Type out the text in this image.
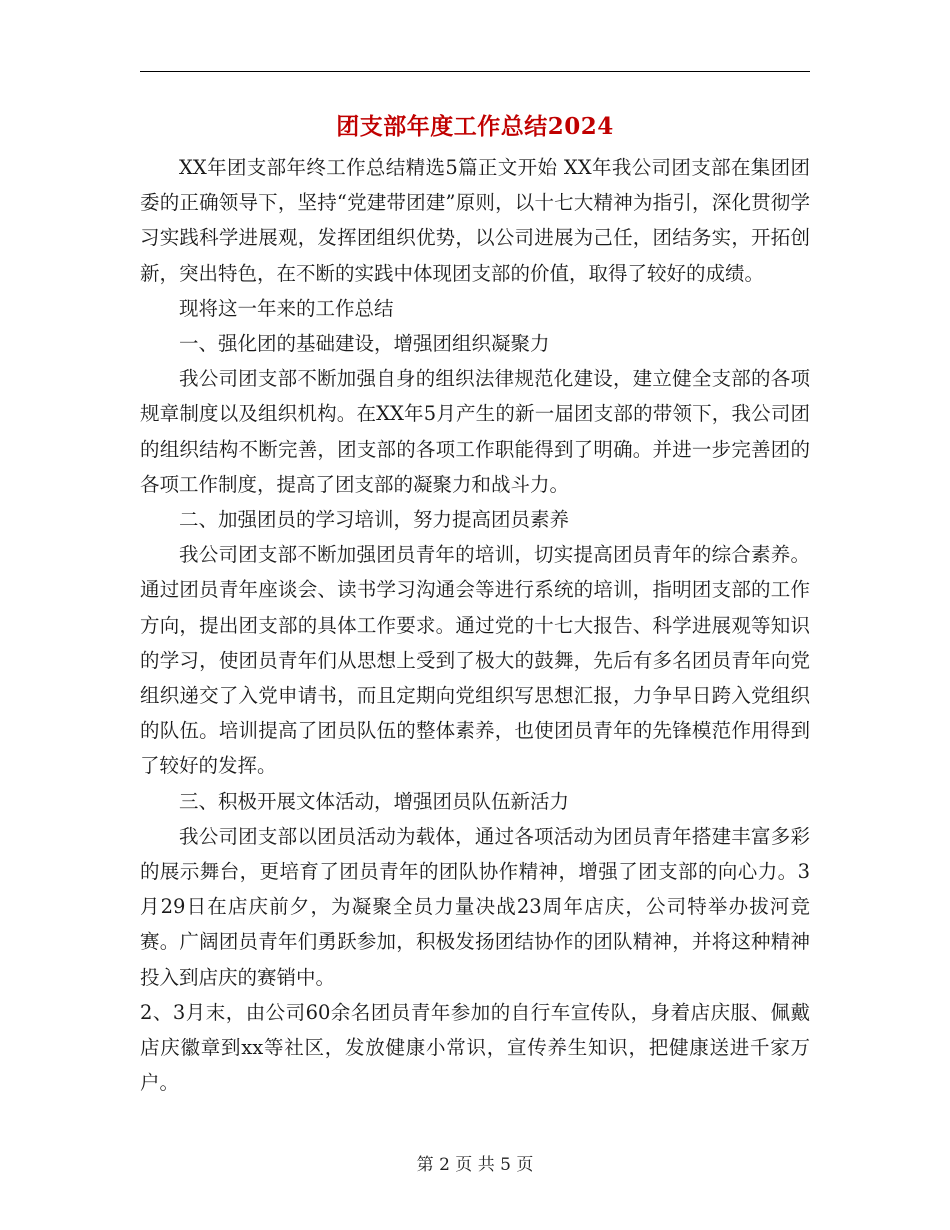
团支部年度工作总结2024

XX年团支部年终工作总结精选5篇正文开始 XX年我公司团支部在集团团委的正确领导下，坚持“党建带团建”原则，以十七大精神为指引，深化贯彻学习实践科学进展观，发挥团组织优势，以公司进展为己任，团结务实，开拓创新，突出特色，在不断的实践中体现团支部的价值，取得了较好的成绩。

现将这一年来的工作总结

一、强化团的基础建设，增强团组织凝聚力

我公司团支部不断加强自身的组织法律规范化建设，建立健全支部的各项规章制度以及组织机构。在XX年5月产生的新一届团支部的带领下，我公司团的组织结构不断完善，团支部的各项工作职能得到了明确。并进一步完善团的各项工作制度，提高了团支部的凝聚力和战斗力。

二、加强团员的学习培训，努力提高团员素养

我公司团支部不断加强团员青年的培训，切实提高团员青年的综合素养。通过团员青年座谈会、读书学习沟通会等进行系统的培训，指明团支部的工作方向，提出团支部的具体工作要求。通过党的十七大报告、科学进展观等知识的学习，使团员青年们从思想上受到了极大的鼓舞，先后有多名团员青年向党组织递交了入党申请书，而且定期向党组织写思想汇报，力争早日跨入党组织的队伍。培训提高了团员队伍的整体素养，也使团员青年的先锋模范作用得到了较好的发挥。

三、积极开展文体活动，增强团员队伍新活力

我公司团支部以团员活动为载体，通过各项活动为团员青年搭建丰富多彩的展示舞台，更培育了团员青年的团队协作精神，增强了团支部的向心力。3月29日在店庆前夕，为凝聚全员力量决战23周年店庆，公司特举办拔河竞赛。广阔团员青年们勇跃参加，积极发扬团结协作的团队精神，并将这种精神投入到店庆的赛销中。

2、3月末，由公司60余名团员青年参加的自行车宣传队，身着店庆服、佩戴店庆徽章到xx等社区，发放健康小常识，宣传养生知识，把健康送进千家万户。

第 2 页 共 5 页
